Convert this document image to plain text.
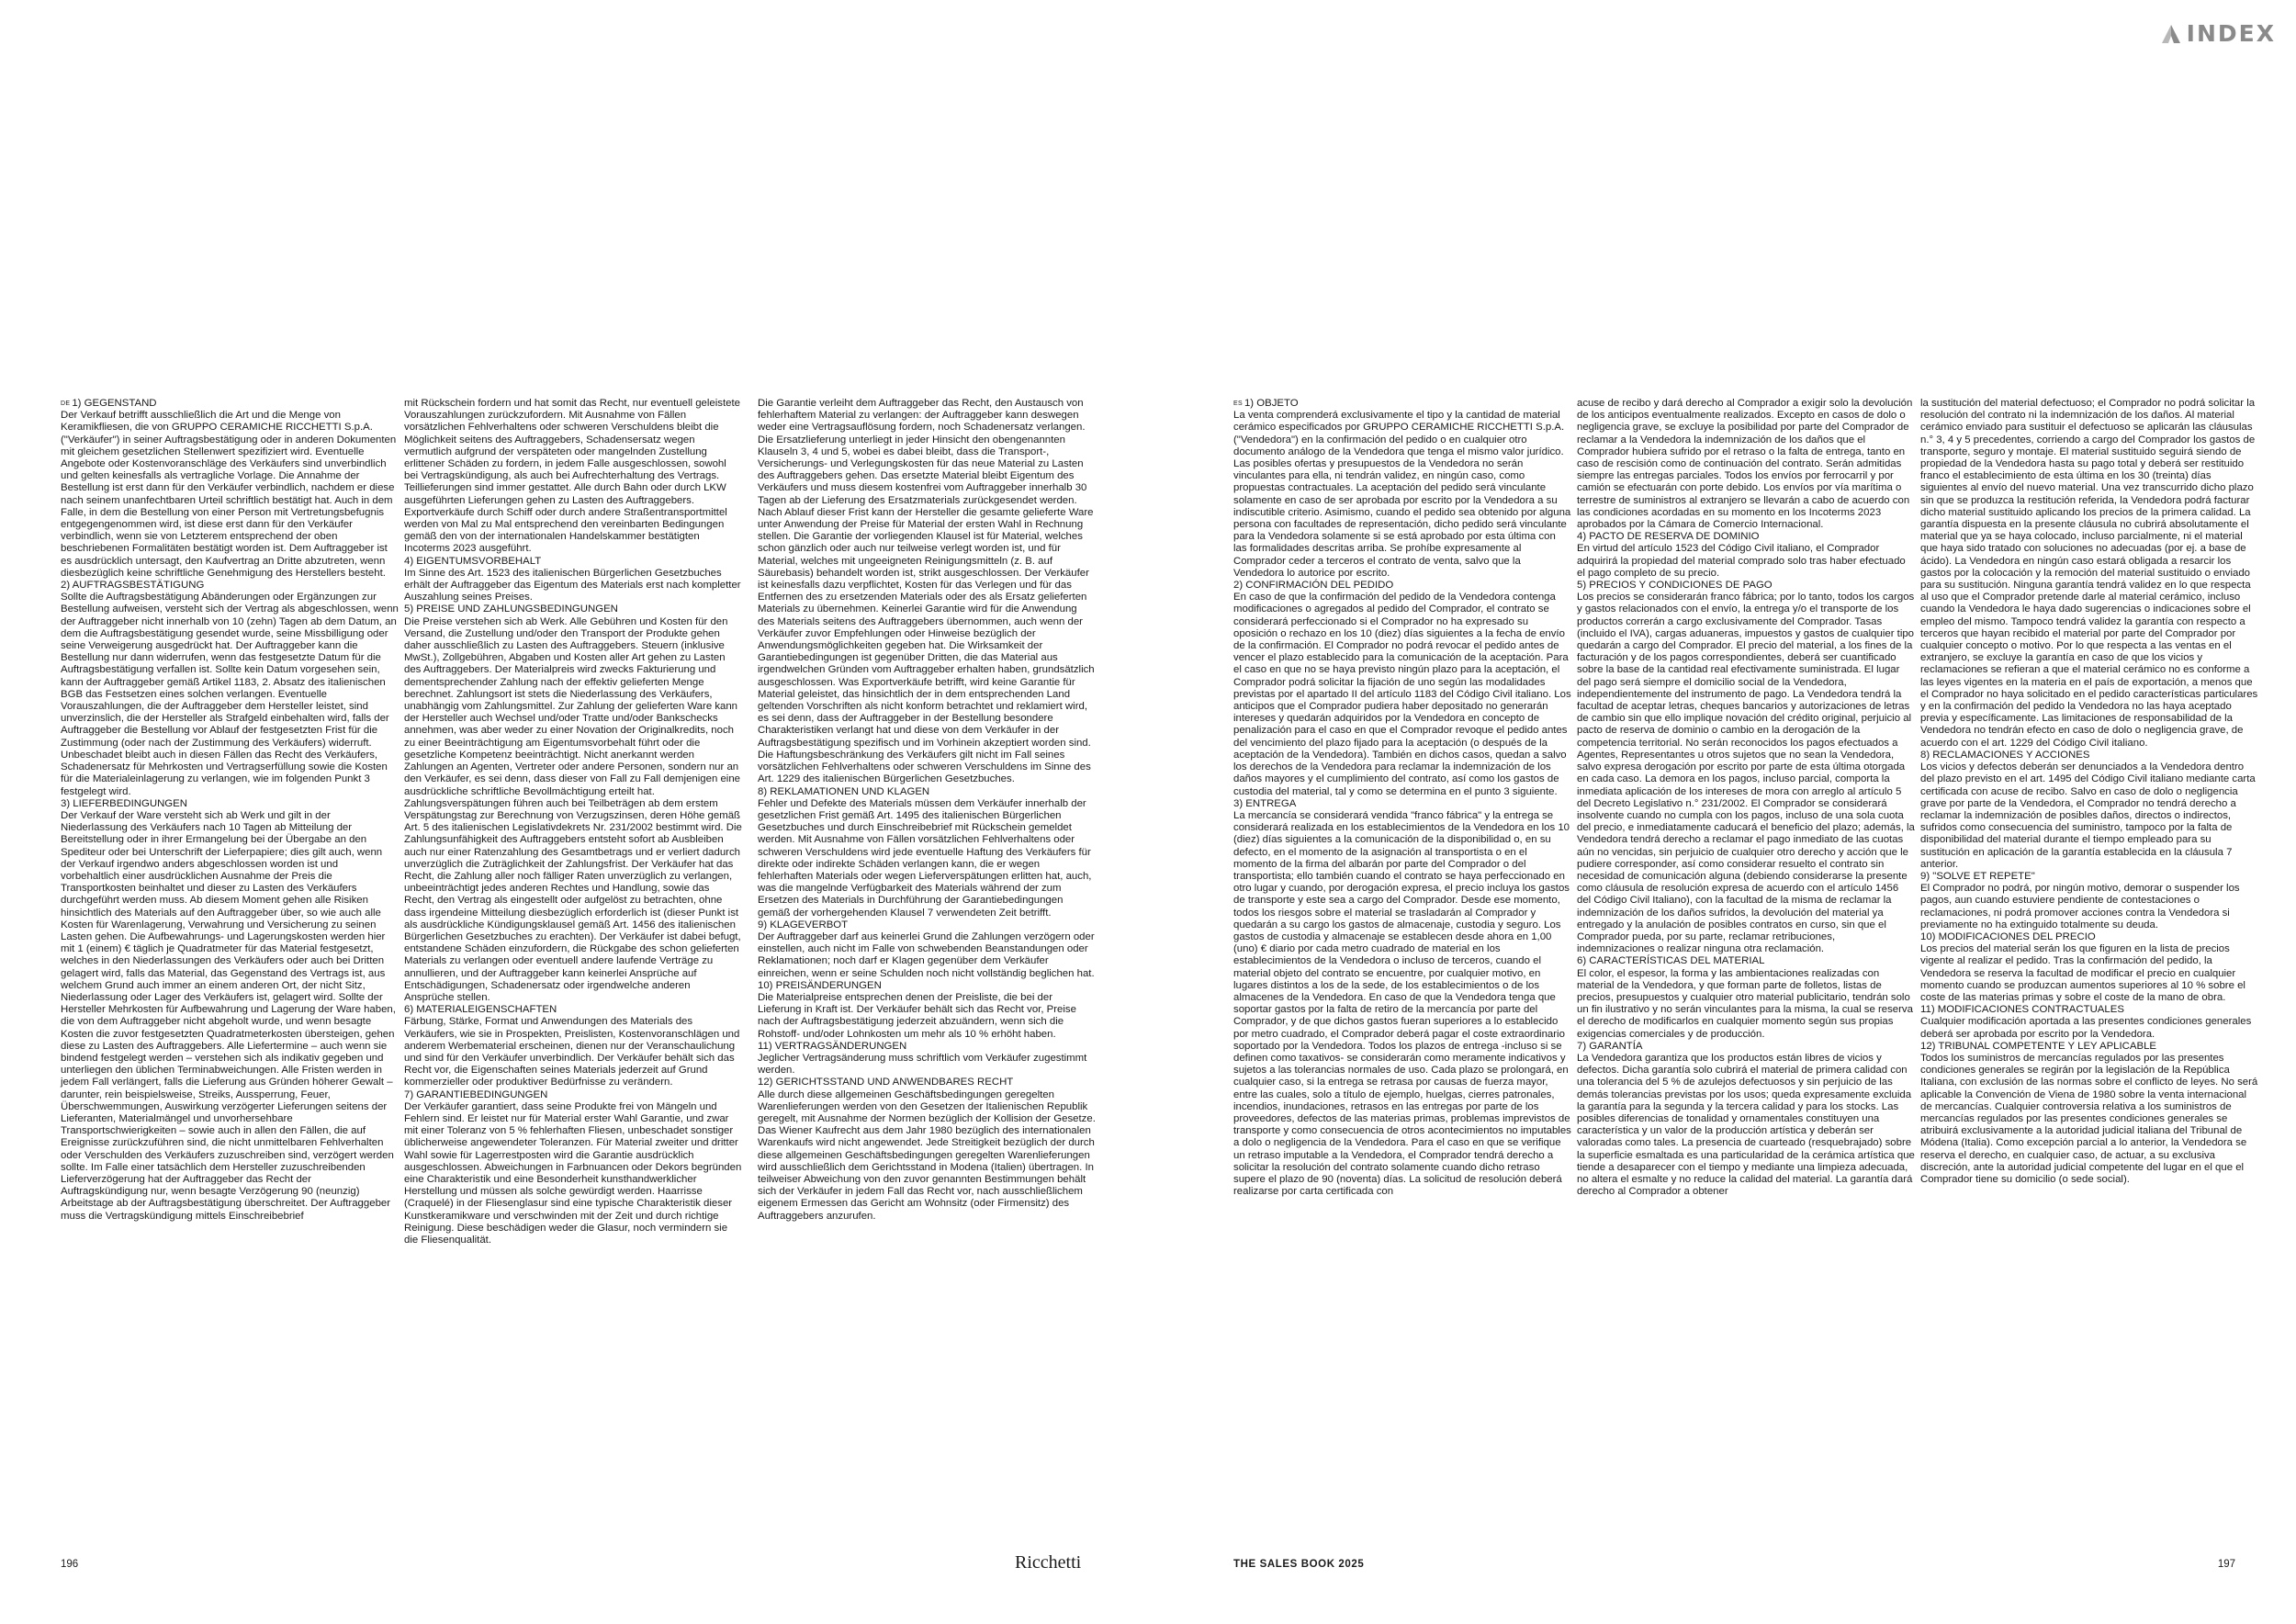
INDEX

DE 1) GEGENSTAND

Der Verkauf betrifft ausschließlich die Art und die Menge von Keramikfliesen, die von GRUPPO CERAMICHE RICCHETTI S.p.A. ("Verkäufer") in seiner Auftragsbestätigung oder in anderen Dokumenten mit gleichem gesetzlichen Stellenwert spezifiziert wird. Eventuelle Angebote oder Kostenvoranschläge des Verkäufers sind unverbindlich und gelten keinesfalls als vertragliche Vorlage. Die Annahme der Bestellung ist erst dann für den Verkäufer verbindlich, nachdem er diese nach seinem unanfechtbaren Urteil schriftlich bestätigt hat. Auch in dem Falle, in dem die Bestellung von einer Person mit Vertretungsbefugnis entgegengenommen wird, ist diese erst dann für den Verkäufer verbindlich, wenn sie von Letzterem entsprechend der oben beschriebenen Formalitäten bestätigt worden ist. Dem Auftraggeber ist es ausdrücklich untersagt, den Kaufvertrag an Dritte abzutreten, wenn diesbezüglich keine schriftliche Genehmigung des Herstellers besteht.

2) AUFTRAGSBESTÄTIGUNG

Sollte die Auftragsbestätigung Abänderungen oder Ergänzungen zur Bestellung aufweisen, versteht sich der Vertrag als abgeschlossen, wenn der Auftraggeber nicht innerhalb von 10 (zehn) Tagen ab dem Datum, an dem die Auftragsbestätigung gesendet wurde, seine Missbilligung oder seine Verweigerung ausgedrückt hat. Der Auftraggeber kann die Bestellung nur dann widerrufen, wenn das festgesetzte Datum für die Auftragsbestätigung verfallen ist. Sollte kein Datum vorgesehen sein, kann der Auftraggeber gemäß Artikel 1183, 2. Absatz des italienischen BGB das Festsetzen eines solchen verlangen. Eventuelle Vorauszahlungen, die der Auftraggeber dem Hersteller leistet, sind unverzinslich, die der Hersteller als Strafgeld einbehalten wird, falls der Auftraggeber die Bestellung vor Ablauf der festgesetzten Frist für die Zustimmung (oder nach der Zustimmung des Verkäufers) widerruft. Unbeschadet bleibt auch in diesen Fällen das Recht des Verkäufers, Schadenersatz für Mehrkosten und Vertragserfüllung sowie die Kosten für die Materialeinlagerung zu verlangen, wie im folgenden Punkt 3 festgelegt wird.

3) LIEFERBEDINGUNGEN

Der Verkauf der Ware versteht sich ab Werk und gilt in der Niederlassung des Verkäufers nach 10 Tagen ab Mitteilung der Bereitstellung oder in ihrer Ermangelung bei der Übergabe an den Spediteur oder bei Unterschrift der Lieferpapiere; dies gilt auch, wenn der Verkauf irgendwo anders abgeschlossen worden ist und vorbehaltlich einer ausdrücklichen Ausnahme der Preis die Transportkosten beinhaltet und dieser zu Lasten des Verkäufers durchgeführt werden muss. Ab diesem Moment gehen alle Risiken hinsichtlich des Materials auf den Auftraggeber über, so wie auch alle Kosten für Warenlagerung, Verwahrung und Versicherung zu seinen Lasten gehen. Die Aufbewahrungs- und Lagerungskosten werden hier mit 1 (einem) € täglich je Quadratmeter für das Material festgesetzt, welches in den Niederlassungen des Verkäufers oder auch bei Dritten gelagert wird, falls das Material, das Gegenstand des Vertrags ist, aus welchem Grund auch immer an einem anderen Ort, der nicht Sitz, Niederlassung oder Lager des Verkäufers ist, gelagert wird. Sollte der Hersteller Mehrkosten für Aufbewahrung und Lagerung der Ware haben, die von dem Auftraggeber nicht abgeholt wurde, und wenn besagte Kosten die zuvor festgesetzten Quadratmeterkosten übersteigen, gehen diese zu Lasten des Auftraggebers. Alle Liefertermine – auch wenn sie bindend festgelegt werden – verstehen sich als indikativ gegeben und unterliegen den üblichen Terminabweichungen. Alle Fristen werden in jedem Fall verlängert, falls die Lieferung aus Gründen höherer Gewalt – darunter, rein beispielsweise, Streiks, Aussperrung, Feuer, Überschwemmungen, Auswirkung verzögerter Lieferungen seitens der Lieferanten, Materialmängel und unvorhersehbare Transportschwierigkeiten – sowie auch in allen den Fällen, die auf Ereignisse zurückzuführen sind, die nicht unmittelbaren Fehlverhalten oder Verschulden des Verkäufers zuzuschreiben sind, verzögert werden sollte. Im Falle einer tatsächlich dem Hersteller zuzuschreibenden Lieferverzögerung hat der Auftraggeber das Recht der Auftragskündigung nur, wenn besagte Verzögerung 90 (neunzig) Arbeitstage ab der Auftragsbestätigung überschreitet. Der Auftraggeber muss die Vertragskündigung mittels Einschreibebrief

mit Rückschein fordern und hat somit das Recht, nur eventuell geleistete Vorauszahlungen zurückzufordern. Mit Ausnahme von Fällen vorsätzlichen Fehlverhaltens oder schweren Verschuldens bleibt die Möglichkeit seitens des Auftraggebers, Schadensersatz wegen vermutlich aufgrund der verspäteten oder mangelnden Zustellung erlittener Schäden zu fordern, in jedem Falle ausgeschlossen, sowohl bei Vertragskündigung, als auch bei Aufrechterhaltung des Vertrags. Teillieferungen sind immer gestattet. Alle durch Bahn oder durch LKW ausgeführten Lieferungen gehen zu Lasten des Auftraggebers. Exportverkäufe durch Schiff oder durch andere Straßentransportmittel werden von Mal zu Mal entsprechend den vereinbarten Bedingungen gemäß den von der internationalen Handelskammer bestätigten Incoterms 2023 ausgeführt.

4) EIGENTUMSVORBEHALT

Im Sinne des Art. 1523 des italienischen Bürgerlichen Gesetzbuches erhält der Auftraggeber das Eigentum des Materials erst nach kompletter Auszahlung seines Preises.

5) PREISE UND ZAHLUNGSBEDINGUNGEN

Die Preise verstehen sich ab Werk. Alle Gebühren und Kosten für den Versand, die Zustellung und/oder den Transport der Produkte gehen daher ausschließlich zu Lasten des Auftraggebers. Steuern (inklusive MwSt.), Zollgebühren, Abgaben und Kosten aller Art gehen zu Lasten des Auftraggebers. Der Materialpreis wird zwecks Fakturierung und dementsprechender Zahlung nach der effektiv gelieferten Menge berechnet. Zahlungsort ist stets die Niederlassung des Verkäufers, unabhängig vom Zahlungsmittel. Zur Zahlung der gelieferten Ware kann der Hersteller auch Wechsel und/oder Tratte und/oder Bankschecks annehmen, was aber weder zu einer Novation der Originalkredits, noch zu einer Beeinträchtigung am Eigentumsvorbehalt führt oder die gesetzliche Kompetenz beeinträchtigt. Nicht anerkannt werden Zahlungen an Agenten, Vertreter oder andere Personen, sondern nur an den Verkäufer, es sei denn, dass dieser von Fall zu Fall demjenigen eine ausdrückliche schriftliche Bevollmächtigung erteilt hat. Zahlungsverspätungen führen auch bei Teilbeträgen ab dem erstem Verspätungstag zur Berechnung von Verzugszinsen, deren Höhe gemäß Art. 5 des italienischen Legislativdekrets Nr. 231/2002 bestimmt wird. Die Zahlungsunfähigkeit des Auftraggebers entsteht sofort ab Ausbleiben auch nur einer Ratenzahlung des Gesamtbetrags und er verliert dadurch unverzüglich die Zuträglichkeit der Zahlungsfrist. Der Verkäufer hat das Recht, die Zahlung aller noch fälliger Raten unverzüglich zu verlangen, unbeeinträchtigt jedes anderen Rechtes und Handlung, sowie das Recht, den Vertrag als eingestellt oder aufgelöst zu betrachten, ohne dass irgendeine Mitteilung diesbezüglich erforderlich ist (dieser Punkt ist als ausdrückliche Kündigungsklausel gemäß Art. 1456 des italienischen Bürgerlichen Gesetzbuches zu erachten). Der Verkäufer ist dabei befugt, entstandene Schäden einzufordern, die Rückgabe des schon gelieferten Materials zu verlangen oder eventuell andere laufende Verträge zu annullieren, und der Auftraggeber kann keinerlei Ansprüche auf Entschädigungen, Schadenersatz oder irgendwelche anderen Ansprüche stellen.

6) MATERIALEIGENSCHAFTEN

Färbung, Stärke, Format und Anwendungen des Materials des Verkäufers, wie sie in Prospekten, Preislisten, Kostenvoranschlägen und anderem Werbematerial erscheinen, dienen nur der Veranschaulichung und sind für den Verkäufer unverbindlich. Der Verkäufer behält sich das Recht vor, die Eigenschaften seines Materials jederzeit auf Grund kommerzieller oder produktiver Bedürfnisse zu verändern.

7) GARANTIEBEDINGUNGEN

Der Verkäufer garantiert, dass seine Produkte frei von Mängeln und Fehlern sind. Er leistet nur für Material erster Wahl Garantie, und zwar mit einer Toleranz von 5 % fehlerhaften Fliesen, unbeschadet sonstiger üblicherweise angewendeter Toleranzen. Für Material zweiter und dritter Wahl sowie für Lagerrestposten wird die Garantie ausdrücklich ausgeschlossen. Abweichungen in Farbnuancen oder Dekors begründen eine Charakteristik und eine Besonderheit kunsthandwerklicher Herstellung und müssen als solche gewürdigt werden. Haarrisse (Craquelé) in der Fliesenglasur sind eine typische Charakteristik dieser Kunstkeramikware und verschwinden mit der Zeit und durch richtige Reinigung. Diese beschädigen weder die Glasur, noch vermindern sie die Fliesenqualität.

Die Garantie verleiht dem Auftraggeber das Recht, den Austausch von fehlerhaftem Material zu verlangen: der Auftraggeber kann deswegen weder eine Vertragsauflösung fordern, noch Schadenersatz verlangen. Die Ersatzlieferung unterliegt in jeder Hinsicht den obengenannten Klauseln 3, 4 und 5, wobei es dabei bleibt, dass die Transport-, Versicherungs- und Verlegungskosten für das neue Material zu Lasten des Auftraggebers gehen. Das ersetzte Material bleibt Eigentum des Verkäufers und muss diesem kostenfrei vom Auftraggeber innerhalb 30 Tagen ab der Lieferung des Ersatzmaterials zurückgesendet werden. Nach Ablauf dieser Frist kann der Hersteller die gesamte gelieferte Ware unter Anwendung der Preise für Material der ersten Wahl in Rechnung stellen. Die Garantie der vorliegenden Klausel ist für Material, welches schon gänzlich oder auch nur teilweise verlegt worden ist, und für Material, welches mit ungeeigneten Reinigungsmitteln (z. B. auf Säurebasis) behandelt worden ist, strikt ausgeschlossen. Der Verkäufer ist keinesfalls dazu verpflichtet, Kosten für das Verlegen und für das Entfernen des zu ersetzenden Materials oder des als Ersatz gelieferten Materials zu übernehmen. Keinerlei Garantie wird für die Anwendung des Materials seitens des Auftraggebers übernommen, auch wenn der Verkäufer zuvor Empfehlungen oder Hinweise bezüglich der Anwendungsmöglichkeiten gegeben hat. Die Wirksamkeit der Garantiebedingungen ist gegenüber Dritten, die das Material aus irgendwelchen Gründen vom Auftraggeber erhalten haben, grundsätzlich ausgeschlossen. Was Exportverkäufe betrifft, wird keine Garantie für Material geleistet, das hinsichtlich der in dem entsprechenden Land geltenden Vorschriften als nicht konform betrachtet und reklamiert wird, es sei denn, dass der Auftraggeber in der Bestellung besondere Charakteristiken verlangt hat und diese von dem Verkäufer in der Auftragsbestätigung spezifisch und im Vorhinein akzeptiert worden sind. Die Haftungsbeschränkung des Verkäufers gilt nicht im Fall seines vorsätzlichen Fehlverhaltens oder schweren Verschuldens im Sinne des Art. 1229 des italienischen Bürgerlichen Gesetzbuches.

8) REKLAMATIONEN UND KLAGEN

Fehler und Defekte des Materials müssen dem Verkäufer innerhalb der gesetzlichen Frist gemäß Art. 1495 des italienischen Bürgerlichen Gesetzbuches und durch Einschreibebrief mit Rückschein gemeldet werden. Mit Ausnahme von Fällen vorsätzlichen Fehlverhaltens oder schweren Verschuldens wird jede eventuelle Haftung des Verkäufers für direkte oder indirekte Schäden verlangen kann, die er wegen fehlerhaften Materials oder wegen Lieferverspätungen erlitten hat, auch, was die mangelnde Verfügbarkeit des Materials während der zum Ersetzen des Materials in Durchführung der Garantiebedingungen gemäß der vorhergehenden Klausel 7 verwendeten Zeit betrifft.

9) KLAGEVERBOT

Der Auftraggeber darf aus keinerlei Grund die Zahlungen verzögern oder einstellen, auch nicht im Falle von schwebenden Beanstandungen oder Reklamationen; noch darf er Klagen gegenüber dem Verkäufer einreichen, wenn er seine Schulden noch nicht vollständig beglichen hat.

10) PREISÄNDERUNGEN

Die Materialpreise entsprechen denen der Preisliste, die bei der Lieferung in Kraft ist. Der Verkäufer behält sich das Recht vor, Preise nach der Auftragsbestätigung jederzeit abzuändern, wenn sich die Rohstoff- und/oder Lohnkosten um mehr als 10 % erhöht haben.

11) VERTRAGSÄNDERUNGEN

Jeglicher Vertragsänderung muss schriftlich vom Verkäufer zugestimmt werden.

12) GERICHTSSTAND UND ANWENDBARES RECHT

Alle durch diese allgemeinen Geschäftsbedingungen geregelten Warenlieferungen werden von den Gesetzen der Italienischen Republik geregelt, mit Ausnahme der Normen bezüglich der Kollision der Gesetze. Das Wiener Kaufrecht aus dem Jahr 1980 bezüglich des internationalen Warenkaufs wird nicht angewendet. Jede Streitigkeit bezüglich der durch diese allgemeinen Geschäftsbedingungen geregelten Warenlieferungen wird ausschließlich dem Gerichtsstand in Modena (Italien) übertragen. In teilweiser Abweichung von den zuvor genannten Bestimmungen behält sich der Verkäufer in jedem Fall das Recht vor, nach ausschließlichem eigenem Ermessen das Gericht am Wohnsitz (oder Firmensitz) des Auftraggebers anzurufen.

ES 1) OBJETO

La venta comprenderá exclusivamente el tipo y la cantidad de material cerámico especificados por GRUPPO CERAMICHE RICCHETTI S.p.A. ("Vendedora") en la confirmación del pedido o en cualquier otro documento análogo de la Vendedora que tenga el mismo valor jurídico. Las posibles ofertas y presupuestos de la Vendedora no serán vinculantes para ella, ni tendrán validez, en ningún caso, como propuestas contractuales. La aceptación del pedido será vinculante solamente en caso de ser aprobada por escrito por la Vendedora a su indiscutible criterio. Asimismo, cuando el pedido sea obtenido por alguna persona con facultades de representación, dicho pedido será vinculante para la Vendedora solamente si se está aprobado por esta última con las formalidades descritas arriba. Se prohíbe expresamente al Comprador ceder a terceros el contrato de venta, salvo que la Vendedora lo autorice por escrito.

2) CONFIRMACIÓN DEL PEDIDO

En caso de que la confirmación del pedido de la Vendedora contenga modificaciones o agregados al pedido del Comprador, el contrato se considerará perfeccionado si el Comprador no ha expresado su oposición o rechazo en los 10 (diez) días siguientes a la fecha de envío de la confirmación. El Comprador no podrá revocar el pedido antes de vencer el plazo establecido para la comunicación de la aceptación. Para el caso en que no se haya previsto ningún plazo para la aceptación, el Comprador podrá solicitar la fijación de uno según las modalidades previstas por el apartado II del artículo 1183 del Código Civil italiano. Los anticipos que el Comprador pudiera haber depositado no generarán intereses y quedarán adquiridos por la Vendedora en concepto de penalización para el caso en que el Comprador revoque el pedido antes del vencimiento del plazo fijado para la aceptación (o después de la aceptación de la Vendedora). También en dichos casos, quedan a salvo los derechos de la Vendedora para reclamar la indemnización de los daños mayores y el cumplimiento del contrato, así como los gastos de custodia del material, tal y como se determina en el punto 3 siguiente.

3) ENTREGA

La mercancía se considerará vendida "franco fábrica" y la entrega se considerará realizada en los establecimientos de la Vendedora en los 10 (diez) días siguientes a la comunicación de la disponibilidad o, en su defecto, en el momento de la asignación al transportista o en el momento de la firma del albarán por parte del Comprador o del transportista; ello también cuando el contrato se haya perfeccionado en otro lugar y cuando, por derogación expresa, el precio incluya los gastos de transporte y este sea a cargo del Comprador. Desde ese momento, todos los riesgos sobre el material se trasladarán al Comprador y quedarán a su cargo los gastos de almacenaje, custodia y seguro. Los gastos de custodia y almacenaje se establecen desde ahora en 1,00 (uno) € diario por cada metro cuadrado de material en los establecimientos de la Vendedora o incluso de terceros, cuando el material objeto del contrato se encuentre, por cualquier motivo, en lugares distintos a los de la sede, de los establecimientos o de los almacenes de la Vendedora. En caso de que la Vendedora tenga que soportar gastos por la falta de retiro de la mercancía por parte del Comprador, y de que dichos gastos fueran superiores a lo establecido por metro cuadrado, el Comprador deberá pagar el coste extraordinario soportado por la Vendedora. Todos los plazos de entrega -incluso si se definen como taxativos- se considerarán como meramente indicativos y sujetos a las tolerancias normales de uso. Cada plazo se prolongará, en cualquier caso, si la entrega se retrasa por causas de fuerza mayor, entre las cuales, solo a título de ejemplo, huelgas, cierres patronales, incendios, inundaciones, retrasos en las entregas por parte de los proveedores, defectos de las materias primas, problemas imprevistos de transporte y como consecuencia de otros acontecimientos no imputables a dolo o negligencia de la Vendedora. Para el caso en que se verifique un retraso imputable a la Vendedora, el Comprador tendrá derecho a solicitar la resolución del contrato solamente cuando dicho retraso supere el plazo de 90 (noventa) días. La solicitud de resolución deberá realizarse por carta certificada con

acuse de recibo y dará derecho al Comprador a exigir solo la devolución de los anticipos eventualmente realizados. Excepto en casos de dolo o negligencia grave, se excluye la posibilidad por parte del Comprador de reclamar a la Vendedora la indemnización de los daños que el Comprador hubiera sufrido por el retraso o la falta de entrega, tanto en caso de rescisión como de continuación del contrato. Serán admitidas siempre las entregas parciales. Todos los envíos por ferrocarril y por camión se efectuarán con porte debido. Los envíos por vía marítima o terrestre de suministros al extranjero se llevarán a cabo de acuerdo con las condiciones acordadas en su momento en los Incoterms 2023 aprobados por la Cámara de Comercio Internacional.

4) PACTO DE RESERVA DE DOMINIO

En virtud del artículo 1523 del Código Civil italiano, el Comprador adquirirá la propiedad del material comprado solo tras haber efectuado el pago completo de su precio.

5) PRECIOS Y CONDICIONES DE PAGO

Los precios se considerarán franco fábrica; por lo tanto, todos los cargos y gastos relacionados con el envío, la entrega y/o el transporte de los productos correrán a cargo exclusivamente del Comprador. Tasas (incluido el IVA), cargas aduaneras, impuestos y gastos de cualquier tipo quedarán a cargo del Comprador. El precio del material, a los fines de la facturación y de los pagos correspondientes, deberá ser cuantificado sobre la base de la cantidad real efectivamente suministrada. El lugar del pago será siempre el domicilio social de la Vendedora, independientemente del instrumento de pago. La Vendedora tendrá la facultad de aceptar letras, cheques bancarios y autorizaciones de letras de cambio sin que ello implique novación del crédito original, perjuicio al pacto de reserva de dominio o cambio en la derogación de la competencia territorial. No serán reconocidos los pagos efectuados a Agentes, Representantes u otros sujetos que no sean la Vendedora, salvo expresa derogación por escrito por parte de esta última otorgada en cada caso. La demora en los pagos, incluso parcial, comporta la inmediata aplicación de los intereses de mora con arreglo al artículo 5 del Decreto Legislativo n.° 231/2002. El Comprador se considerará insolvente cuando no cumpla con los pagos, incluso de una sola cuota del precio, e inmediatamente caducará el beneficio del plazo; además, la Vendedora tendrá derecho a reclamar el pago inmediato de las cuotas aún no vencidas, sin perjuicio de cualquier otro derecho y acción que le pudiere corresponder, así como considerar resuelto el contrato sin necesidad de comunicación alguna (debiendo considerarse la presente como cláusula de resolución expresa de acuerdo con el artículo 1456 del Código Civil Italiano), con la facultad de la misma de reclamar la indemnización de los daños sufridos, la devolución del material ya entregado y la anulación de posibles contratos en curso, sin que el Comprador pueda, por su parte, reclamar retribuciones, indemnizaciones o realizar ninguna otra reclamación.

6) CARACTERÍSTICAS DEL MATERIAL

El color, el espesor, la forma y las ambientaciones realizadas con material de la Vendedora, y que forman parte de folletos, listas de precios, presupuestos y cualquier otro material publicitario, tendrán solo un fin ilustrativo y no serán vinculantes para la misma, la cual se reserva el derecho de modificarlos en cualquier momento según sus propias exigencias comerciales y de producción.

7) GARANTÍA

La Vendedora garantiza que los productos están libres de vicios y defectos. Dicha garantía solo cubrirá el material de primera calidad con una tolerancia del 5 % de azulejos defectuosos y sin perjuicio de las demás tolerancias previstas por los usos; queda expresamente excluida la garantía para la segunda y la tercera calidad y para los stocks. Las posibles diferencias de tonalidad y ornamentales constituyen una característica y un valor de la producción artística y deberán ser valoradas como tales. La presencia de cuarteado (resquebrajado) sobre la superficie esmaltada es una particularidad de la cerámica artística que tiende a desaparecer con el tiempo y mediante una limpieza adecuada, no altera el esmalte y no reduce la calidad del material. La garantía dará derecho al Comprador a obtener

la sustitución del material defectuoso; el Comprador no podrá solicitar la resolución del contrato ni la indemnización de los daños. Al material cerámico enviado para sustituir el defectuoso se aplicarán las cláusulas n.° 3, 4 y 5 precedentes, corriendo a cargo del Comprador los gastos de transporte, seguro y montaje. El material sustituido seguirá siendo de propiedad de la Vendedora hasta su pago total y deberá ser restituido franco el establecimiento de esta última en los 30 (treinta) días siguientes al envío del nuevo material. Una vez transcurrido dicho plazo sin que se produzca la restitución referida, la Vendedora podrá facturar dicho material sustituido aplicando los precios de la primera calidad. La garantía dispuesta en la presente cláusula no cubrirá absolutamente el material que ya se haya colocado, incluso parcialmente, ni el material que haya sido tratado con soluciones no adecuadas (por ej. a base de ácido). La Vendedora en ningún caso estará obligada a resarcir los gastos por la colocación y la remoción del material sustituido o enviado para su sustitución. Ninguna garantía tendrá validez en lo que respecta al uso que el Comprador pretende darle al material cerámico, incluso cuando la Vendedora le haya dado sugerencias o indicaciones sobre el empleo del mismo. Tampoco tendrá validez la garantía con respecto a terceros que hayan recibido el material por parte del Comprador por cualquier concepto o motivo. Por lo que respecta a las ventas en el extranjero, se excluye la garantía en caso de que los vicios y reclamaciones se refieran a que el material cerámico no es conforme a las leyes vigentes en la materia en el país de exportación, a menos que el Comprador no haya solicitado en el pedido características particulares y en la confirmación del pedido la Vendedora no las haya aceptado previa y específicamente. Las limitaciones de responsabilidad de la Vendedora no tendrán efecto en caso de dolo o negligencia grave, de acuerdo con el art. 1229 del Código Civil italiano.

8) RECLAMACIONES Y ACCIONES

Los vicios y defectos deberán ser denunciados a la Vendedora dentro del plazo previsto en el art. 1495 del Código Civil italiano mediante carta certificada con acuse de recibo. Salvo en caso de dolo o negligencia grave por parte de la Vendedora, el Comprador no tendrá derecho a reclamar la indemnización de posibles daños, directos o indirectos, sufridos como consecuencia del suministro, tampoco por la falta de disponibilidad del material durante el tiempo empleado para su sustitución en aplicación de la garantía establecida en la cláusula 7 anterior.

9) "SOLVE ET REPETE"

El Comprador no podrá, por ningún motivo, demorar o suspender los pagos, aun cuando estuviere pendiente de contestaciones o reclamaciones, ni podrá promover acciones contra la Vendedora si previamente no ha extinguido totalmente su deuda.

10) MODIFICACIONES DEL PRECIO

Los precios del material serán los que figuren en la lista de precios vigente al realizar el pedido. Tras la confirmación del pedido, la Vendedora se reserva la facultad de modificar el precio en cualquier momento cuando se produzcan aumentos superiores al 10 % sobre el coste de las materias primas y sobre el coste de la mano de obra.

11) MODIFICACIONES CONTRACTUALES

Cualquier modificación aportada a las presentes condiciones generales deberá ser aprobada por escrito por la Vendedora.

12) TRIBUNAL COMPETENTE Y LEY APLICABLE

Todos los suministros de mercancías regulados por las presentes condiciones generales se regirán por la legislación de la República Italiana, con exclusión de las normas sobre el conflicto de leyes. No será aplicable la Convención de Viena de 1980 sobre la venta internacional de mercancías. Cualquier controversia relativa a los suministros de mercancías regulados por las presentes condiciones generales se atribuirá exclusivamente a la autoridad judicial italiana del Tribunal de Módena (Italia). Como excepción parcial a lo anterior, la Vendedora se reserva el derecho, en cualquier caso, de actuar, a su exclusiva discreción, ante la autoridad judicial competente del lugar en el que el Comprador tiene su domicilio (o sede social).

196	Ricchetti	THE SALES BOOK 2025	197
